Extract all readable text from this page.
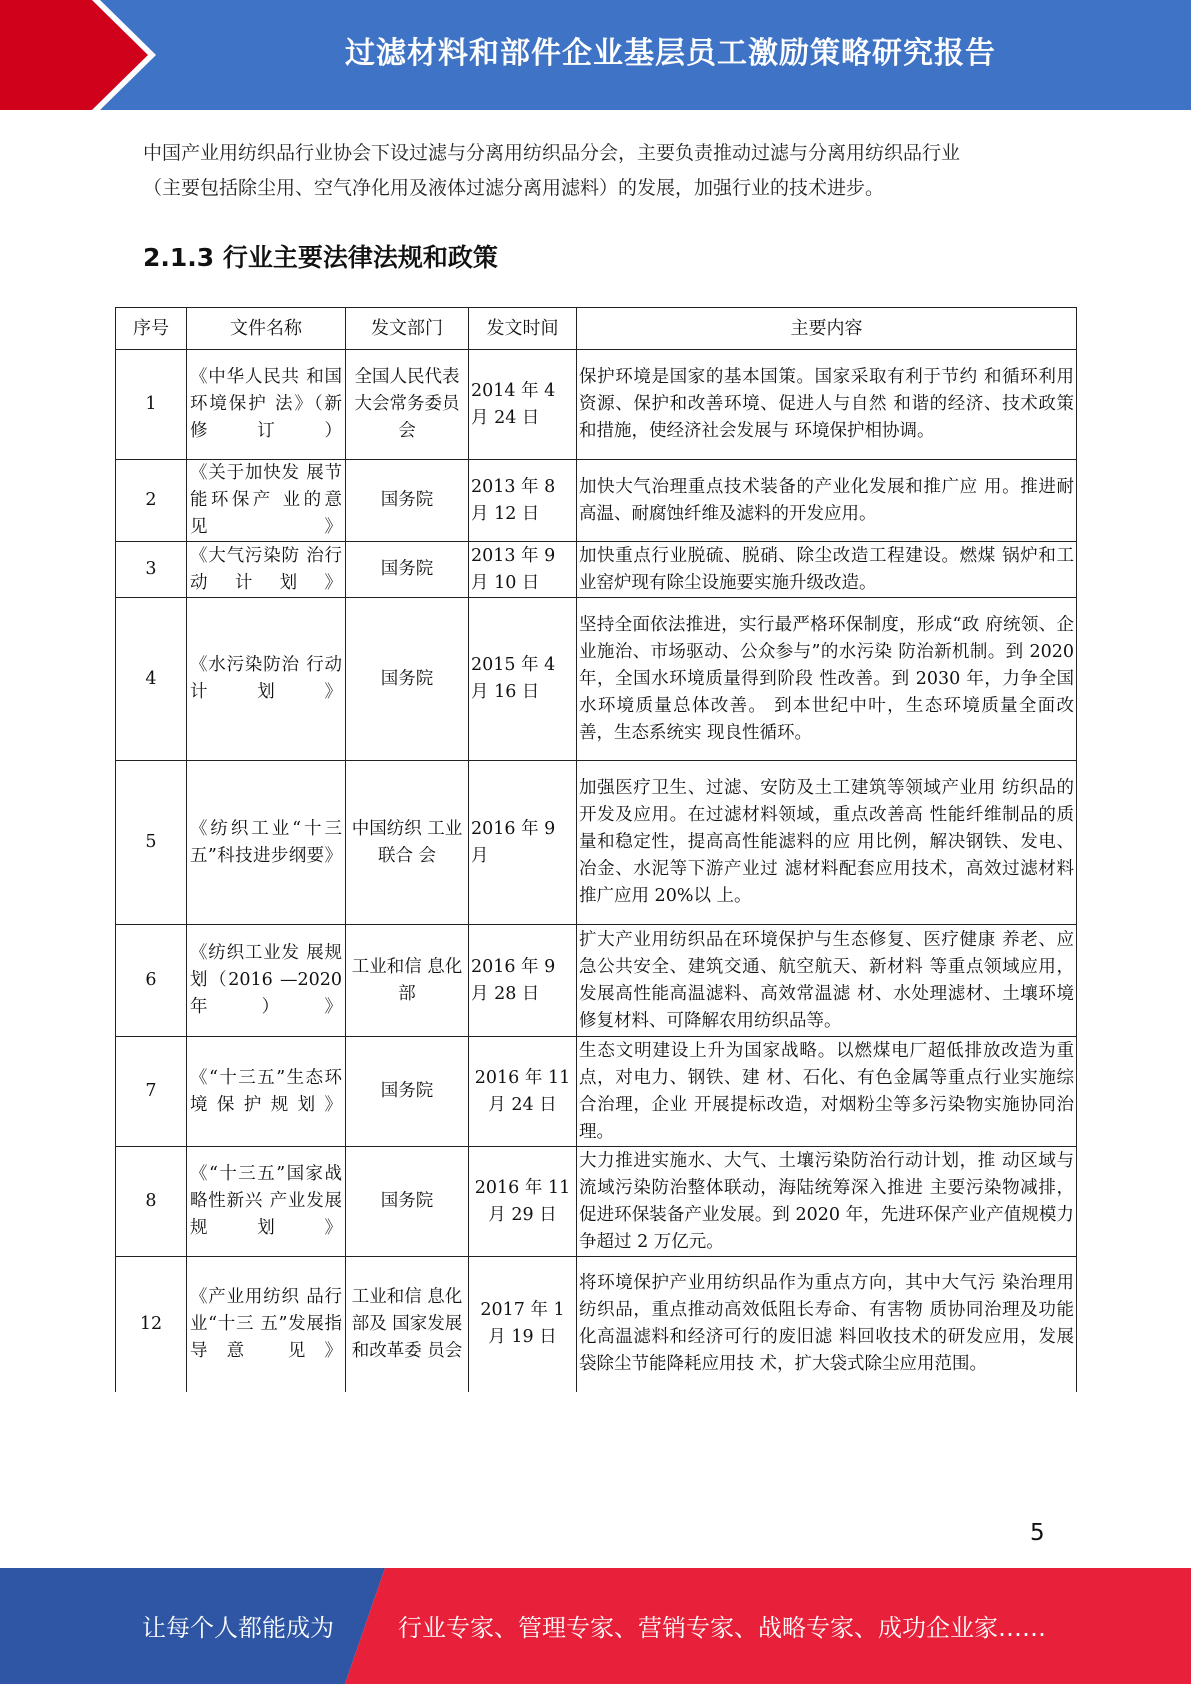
过滤材料和部件企业基层员工激励策略研究报告

中国产业用纺织品行业协会下设过滤与分离用纺织品分会，主要负责推动过滤与分离用纺织品行业

（主要包括除尘用、空气净化用及液体过滤分离用滤料）的发展，加强行业的技术进步。

2.1.3 行业主要法律法规和政策
序号	文件名称	发文部门	发文时间	主要内容
1	《中华人民共 和国环境保护 法》（新修订）	全国人民代表大会常务委员会	2014 年 4 月 24 日	保护环境是国家的基本国策。国家采取有利于节约 和循环利用资源、保护和改善环境、促进人与自然 和谐的经济、技术政策和措施，使经济社会发展与 环境保护相协调。
2	《关于加快发 展节能环保产 业的意见》	国务院	2013 年 8 月 12 日	加快大气治理重点技术装备的产业化发展和推广应 用。推进耐高温、耐腐蚀纤维及滤料的开发应用。
3	《大气污染防 治行动计划》	国务院	2013 年 9 月 10 日	加快重点行业脱硫、脱硝、除尘改造工程建设。燃煤 锅炉和工业窑炉现有除尘设施要实施升级改造。
4	《水污染防治 行动计划》	国务院	2015 年 4 月 16 日	坚持全面依法推进，实行最严格环保制度，形成“政 府统领、企业施治、市场驱动、公众参与”的水污染 防治新机制。到 2020 年，全国水环境质量得到阶段 性改善。到 2030 年，力争全国水环境质量总体改善。 到本世纪中叶，生态环境质量全面改善，生态系统实 现良性循环。
5	《纺织工业“十三五”科技进步纲要》	中国纺织 工业联合 会	2016 年 9 月	加强医疗卫生、过滤、安防及土工建筑等领域产业用 纺织品的开发及应用。在过滤材料领域，重点改善高 性能纤维制品的质量和稳定性，提高高性能滤料的应 用比例，解决钢铁、发电、冶金、水泥等下游产业过 滤材料配套应用技术，高效过滤材料推广应用 20%以 上。
6	《纺织工业发 展规划（2016 —2020 年）》	工业和信 息化部	2016 年 9 月 28 日	扩大产业用纺织品在环境保护与生态修复、医疗健康 养老、应急公共安全、建筑交通、航空航天、新材料 等重点领域应用，发展高性能高温滤料、高效常温滤 材、水处理滤材、土壤环境修复材料、可降解农用纺织品等。
7	《“十三五”生态环境保护规划》	国务院	2016 年 11 月 24 日	生态文明建设上升为国家战略。以燃煤电厂超低排放改造为重点，对电力、钢铁、建 材、石化、有色金属等重点行业实施综合治理，企业 开展提标改造，对烟粉尘等多污染物实施协同治理。
8	《“十三五”国家战略性新兴 产业发展规划》	国务院	2016 年 11 月 29 日	大力推进实施水、大气、土壤污染防治行动计划，推 动区域与流域污染防治整体联动，海陆统筹深入推进 主要污染物减排，促进环保装备产业发展。到 2020 年，先进环保产业产值规模力争超过 2 万亿元。
12	《产业用纺织 品行业“十三 五”发展指导意 见》	工业和信 息化部及 国家发展 和改革委 员会	2017 年 1 月 19 日	将环境保护产业用纺织品作为重点方向，其中大气污 染治理用纺织品，重点推动高效低阻长寿命、有害物 质协同治理及功能化高温滤料和经济可行的废旧滤 料回收技术的研发应用，发展袋除尘节能降耗应用技 术，扩大袋式除尘应用范围。
5
让每个人都能成为	行业专家、管理专家、营销专家、战略专家、成功企业家……
